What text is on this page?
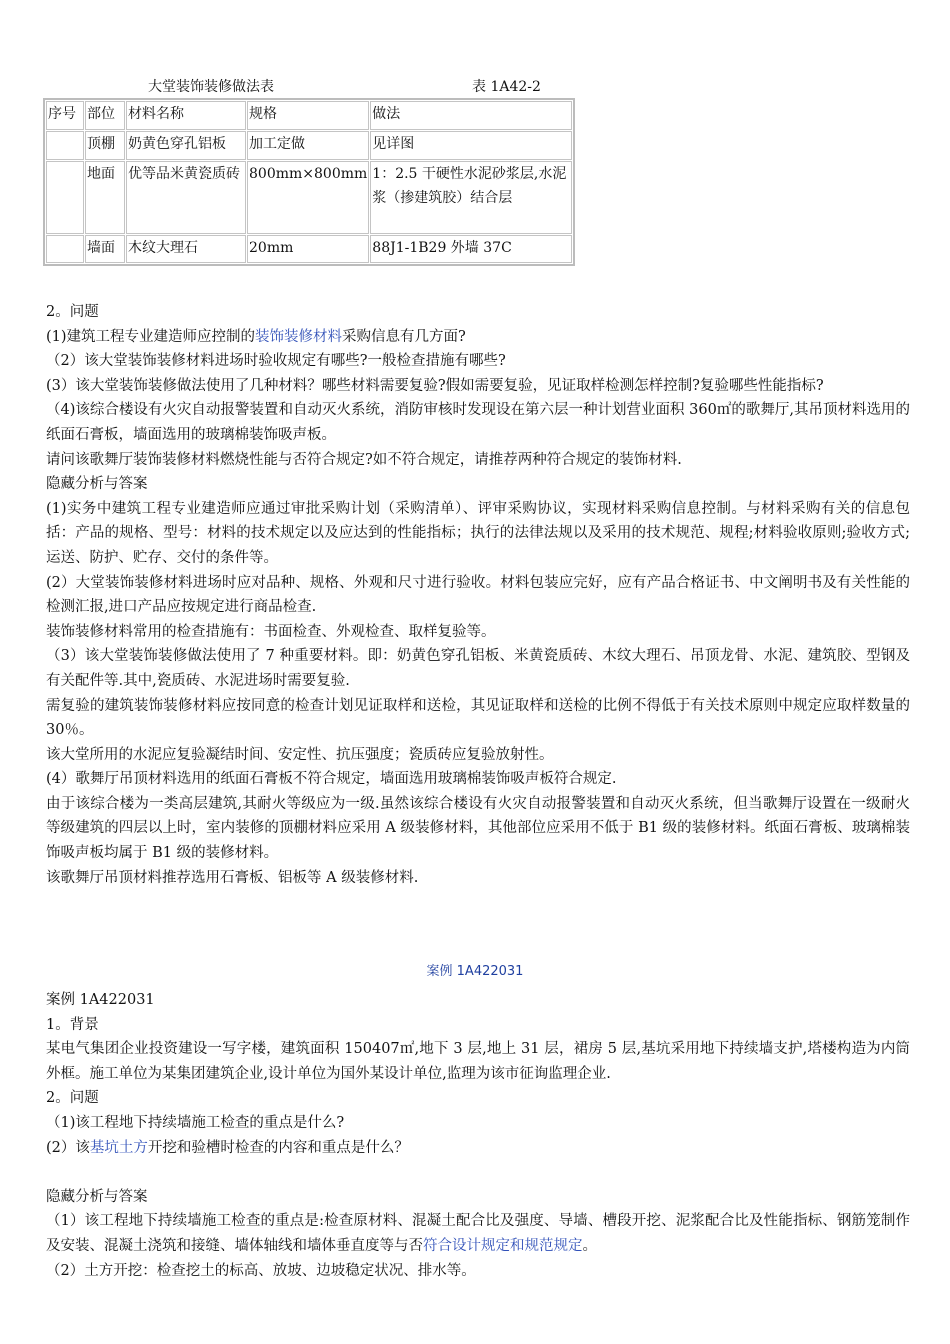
大堂装饰装修做法表	表 1A42-2
序号	部位	材料名称	规格	做法
	顶棚	奶黄色穿孔铝板	加工定做	见详图
	地面	优等品米黄瓷质砖	800mm×800mm	1：2.5 干硬性水泥砂浆层,水泥浆（掺建筑胶）结合层
	墙面	木纹大理石	20mm	88J1-1B29 外墙 37C

2。问题

(1)建筑工程专业建造师应控制的装饰装修材料采购信息有几方面?

（2）该大堂装饰装修材料进场时验收规定有哪些?一般检查措施有哪些?

(3）该大堂装饰装修做法使用了几种材料？哪些材料需要复验?假如需要复验，见证取样检测怎样控制?复验哪些性能指标?

（4)该综合楼设有火灾自动报警装置和自动灭火系统，消防审核时发现设在第六层一种计划营业面积 360㎡的歌舞厅,其吊顶材料选用的纸面石膏板，墙面选用的玻璃棉装饰吸声板。

请问该歌舞厅装饰装修材料燃烧性能与否符合规定?如不符合规定，请推荐两种符合规定的装饰材料.

隐藏分析与答案

(1)实务中建筑工程专业建造师应通过审批采购计划（采购清单）、评审采购协议，实现材料采购信息控制。与材料采购有关的信息包括：产品的规格、型号：材料的技术规定以及应达到的性能指标；执行的法律法规以及采用的技术规范、规程;材料验收原则;验收方式;运送、防护、贮存、交付的条件等。

(2）大堂装饰装修材料进场时应对品种、规格、外观和尺寸进行验收。材料包装应完好，应有产品合格证书、中文阐明书及有关性能的检测汇报,进口产品应按规定进行商品检查.

装饰装修材料常用的检查措施有：书面检查、外观检查、取样复验等。

（3）该大堂装饰装修做法使用了 7 种重要材料。即：奶黄色穿孔铝板、米黄瓷质砖、木纹大理石、吊顶龙骨、水泥、建筑胶、型钢及有关配件等.其中,瓷质砖、水泥进场时需要复验.

需复验的建筑装饰装修材料应按同意的检查计划见证取样和送检，其见证取样和送检的比例不得低于有关技术原则中规定应取样数量的 30％。

该大堂所用的水泥应复验凝结时间、安定性、抗压强度；瓷质砖应复验放射性。

(4）歌舞厅吊顶材料选用的纸面石膏板不符合规定，墙面选用玻璃棉装饰吸声板符合规定.

由于该综合楼为一类高层建筑,其耐火等级应为一级.虽然该综合楼设有火灾自动报警装置和自动灭火系统，但当歌舞厅设置在一级耐火等级建筑的四层以上时，室内装修的顶棚材料应采用 A 级装修材料，其他部位应采用不低于 B1 级的装修材料。纸面石膏板、玻璃棉装饰吸声板均属于 B1 级的装修材料。

该歌舞厅吊顶材料推荐选用石膏板、铝板等 A 级装修材料.

案例 1A422031

案例 1A422031

1。背景

某电气集团企业投资建设一写字楼，建筑面积 150407㎡,地下 3 层,地上 31 层，裙房 5 层,基坑采用地下持续墙支护,塔楼构造为内筒外框。施工单位为某集团建筑企业,设计单位为国外某设计单位,监理为该市征询监理企业.

2。问题

（1)该工程地下持续墙施工检查的重点是什么?

(2）该基坑土方开挖和验槽时检查的内容和重点是什么？

隐藏分析与答案

（1）该工程地下持续墙施工检查的重点是:检查原材料、混凝土配合比及强度、导墙、槽段开挖、泥浆配合比及性能指标、钢筋笼制作及安装、混凝土浇筑和接缝、墙体轴线和墙体垂直度等与否符合设计规定和规范规定。

（2）土方开挖：检查挖土的标高、放坡、边坡稳定状况、排水等。
